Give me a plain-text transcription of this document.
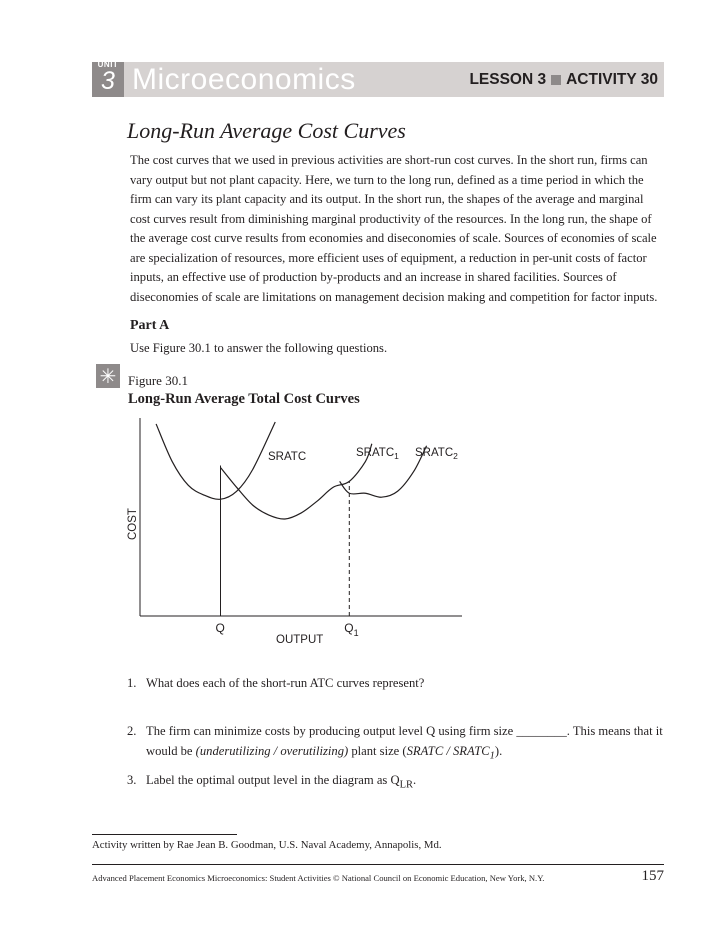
UNIT
3 Microeconomics	LESSON 3 ACTIVITY 30
Long-Run Average Cost Curves
The cost curves that we used in previous activities are short-run cost curves. In the short run, firms can vary output but not plant capacity. Here, we turn to the long run, defined as a time period in which the firm can vary its plant capacity and its output. In the short run, the shapes of the average and marginal cost curves result from diminishing marginal productivity of the resources. In the long run, the shape of the average cost curve results from economies and diseconomies of scale. Sources of economies of scale are specialization of resources, more efficient uses of equipment, a reduction in per-unit costs of factor inputs, an effective use of production by-products and an increase in shared facilities. Sources of diseconomies of scale are limitations on management decision making and competition for factor inputs.
Part A
Use Figure 30.1 to answer the following questions.
✳ Figure 30.1
Long-Run Average Total Cost Curves
SRATC	$SRATC_1$ $SRATC_2$
Q	$Q_1$
OUTPUT
COST
1. What does each of the short-run ATC curves represent?
2. The firm can minimize costs by producing output level Q using firm size ________. This means that it would be (underutilizing / overutilizing) plant size (SRATC / $SRATC_1$).
3. Label the optimal output level in the diagram as $Q_{LR}$.
Activity written by Rae Jean B. Goodman, U.S. Naval Academy, Annapolis, Md.
Advanced Placement Economics Microeconomics: Student Activities © National Council on Economic Education, New York, N.Y.	157
